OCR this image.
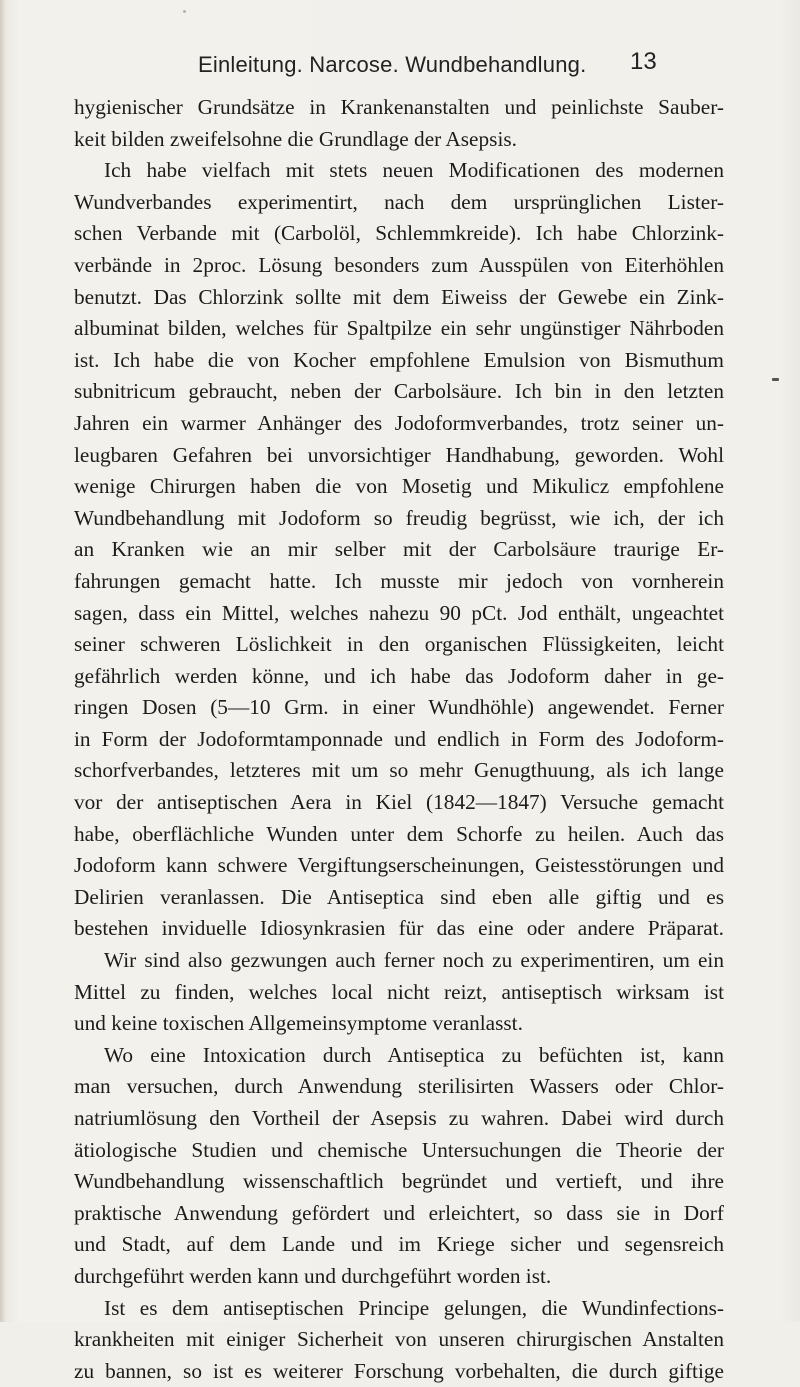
Einleitung. Narcose. Wundbehandlung. 13
hygienischer Grundsätze in Krankenanstalten und peinlichste Sauber-
keit bilden zweifelsohne die Grundlage der Asepsis.
Ich habe vielfach mit stets neuen Modificationen des modernen
Wundverbandes experimentirt, nach dem ursprünglichen Lister-
schen Verbande mit (Carbolöl, Schlemmkreide). Ich habe Chlorzink-
verbände in 2proc. Lösung besonders zum Ausspülen von Eiterhöhlen
benutzt. Das Chlorzink sollte mit dem Eiweiss der Gewebe ein Zink-
albuminat bilden, welches für Spaltpilze ein sehr ungünstiger Nährboden
ist. Ich habe die von Kocher empfohlene Emulsion von Bismuthum
subnitricum gebraucht, neben der Carbolsäure. Ich bin in den letzten
Jahren ein warmer Anhänger des Jodoformverbandes, trotz seiner un-
leugbaren Gefahren bei unvorsichtiger Handhabung, geworden. Wohl
wenige Chirurgen haben die von Mosetig und Mikulicz empfohlene
Wundbehandlung mit Jodoform so freudig begrüsst, wie ich, der ich
an Kranken wie an mir selber mit der Carbolsäure traurige Er-
fahrungen gemacht hatte. Ich musste mir jedoch von vornherein
sagen, dass ein Mittel, welches nahezu 90 pCt. Jod enthält, ungeachtet
seiner schweren Löslichkeit in den organischen Flüssigkeiten, leicht
gefährlich werden könne, und ich habe das Jodoform daher in ge-
ringen Dosen (5—10 Grm. in einer Wundhöhle) angewendet. Ferner
in Form der Jodoformtamponnade und endlich in Form des Jodoform-
schorfverbandes, letzteres mit um so mehr Genugthuung, als ich lange
vor der antiseptischen Aera in Kiel (1842—1847) Versuche gemacht
habe, oberflächliche Wunden unter dem Schorfe zu heilen. Auch das
Jodoform kann schwere Vergiftungserscheinungen, Geistesstörungen und
Delirien veranlassen. Die Antiseptica sind eben alle giftig und es
bestehen inviduelle Idiosynkrasien für das eine oder andere Präparat.
Wir sind also gezwungen auch ferner noch zu experimentiren, um ein
Mittel zu finden, welches local nicht reizt, antiseptisch wirksam ist
und keine toxischen Allgemeinsymptome veranlasst.
Wo eine Intoxication durch Antiseptica zu befüchten ist, kann
man versuchen, durch Anwendung sterilisirten Wassers oder Chlor-
natriumlösung den Vortheil der Asepsis zu wahren. Dabei wird durch
ätiologische Studien und chemische Untersuchungen die Theorie der
Wundbehandlung wissenschaftlich begründet und vertieft, und ihre
praktische Anwendung gefördert und erleichtert, so dass sie in Dorf
und Stadt, auf dem Lande und im Kriege sicher und segensreich
durchgeführt werden kann und durchgeführt worden ist.
Ist es dem antiseptischen Principe gelungen, die Wundinfections-
krankheiten mit einiger Sicherheit von unseren chirurgischen Anstalten
zu bannen, so ist es weiterer Forschung vorbehalten, die durch giftige
